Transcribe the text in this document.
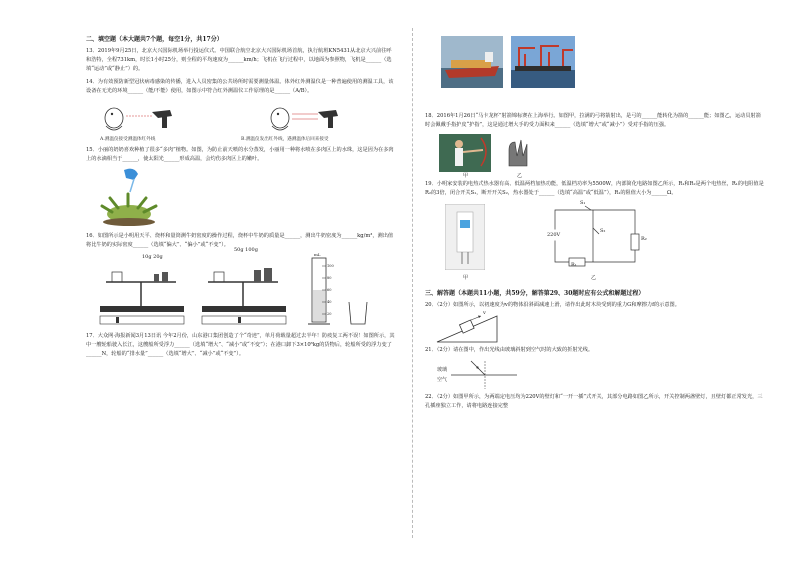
二、填空题（本大题共7个题，每空1分，共17分）

13．2019年9月25日，北京大兴国际机场举行投运仪式。中国联合航空北京大兴国际机场首航，执行航班KN5431从北京大兴前往呼和浩特，全程731km，时长1小时25分，则全程的平均速度为______km/h；飞机在飞行过程中，以地面为参照物，飞机是______（选填“运动”或“静止”）的。

14．为有效预防新型冠状病毒感染的传播，进入人员密集的公共场所时需要测量体温。体外红外测温仪是一种普遍使用的测温工具，该设备在无光的环境______（能/不能）使用，如图示中符合红外测温仪工作原理的是______（A/B）。

A.测温仪接受测温体红外线	B.测温仪发出红外线，遇测温体后回来接受

15．小丽的奶奶喜欢种植了很多“多肉”植物。如图，为防止前天喷的水分蒸发，小丽用一种将水喷在多肉区上的水珠，这是因为在多肉上的水滴相当于______，使太阳光______形成高温，会灼伤多肉区上的嫩叶。

16．如图所示是小明用天平、烧杯和量筒测牛奶密度的操作过程，烧杯中牛奶的质量是______，测出牛奶密度为______kg/m³，测出值将比牛奶的实际密度______（选填“偏大”、“偏小”或“不变”）。

10g 20g
50g 100g
mL
100
80
60
40
20

17．大众网·海报新闻3月13日讯 今年2月份，山东港口集团创造了个“奇迹”，单月荷载量超过去半年！防疫复工两不误！如图所示，其中一艘轮船驶入长江，这艘船所受浮力______（选填“增大”、“减小”或“不变”）；在港口卸下3×10⁶kg的货物后，轮船所受的浮力变了______N，轮船的“排水量”______（选填“增大”、“减小”或“不变”）。

18．2016年1月26日“马卡龙杯”射箭锦标赛在上海举行。如图甲，拉满的弓将箭射出，是弓的______能转化为箭的______能；如图乙，运动员射箭时会佩戴手指护皮“护指”，这是通过增大手的受力面积来______（选填“增大”或“减小”）受对手指的压强。

甲	乙

19．小明家安装的电热式热水器有高、低温两档加热功能，低温档功率为5500W，内部简化电路如图乙所示，R₁和R₂是两个电热丝，R₁的电阻值是R₂的3倍，闭合开关S₁，断开开关S₂，热水器处于______（选填“高温”或“低温”），R₁的阻值大小为______Ω。

220V
S₁
S₂
R₁
R₂
甲	乙
三、解答题（本题共11小题，共59分，解答第29、30题时应有公式和解题过程）

20．（2分）如图所示，以初速度为v的物体沿斜面减速上滑，请作出此时木块受到的重力G和摩擦力f的示意图。

v

21．（2分）请在图中，作出光线由玻璃斜射到空气时的大致的折射光线。

玻璃
空气

22．（2分）如图甲所示，为两端定电压均为220V的壁灯和“一开一插”式开关，其部分电路如图乙所示，开关控制两盏壁灯，且壁灯都正常发光，三孔插座独立工作，请将电路连接完整
